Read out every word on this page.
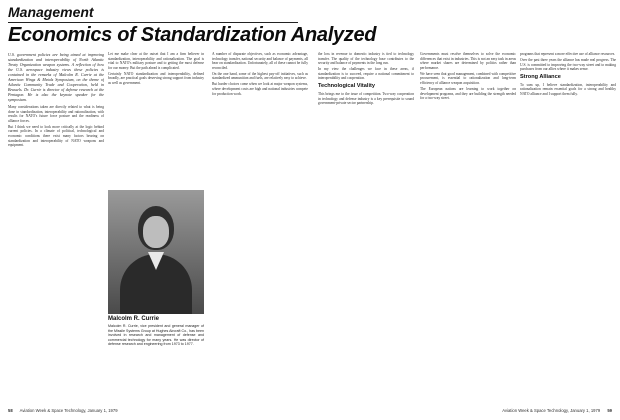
Management
Economics of Standardization Analyzed

U.S. government policies are being aimed at improving standardization and interoperability of North Atlantic Treaty Organization weapon systems. A reflection of how the U.S. aerospace industry views these policies is contained in the remarks of Malcolm R. Currie at the American Wings & Metals Symposium, on the theme of Atlantic Community Trade and Cooperation, held in Brussels. Dr. Currie is director of defense research at the Pentagon. He is also the keynote speaker for the symposium.

Many considerations taken are directly related to what is being done in standardization, interoperability and rationalization, with results for NATO's future force posture and the readiness of alliance forces.

But I think we need to look more critically at the logic behind current policies. In a climate of political, technological and economic conditions there exist many factors bearing on standardization and interoperability of NATO weapons and equipment.

Let me make clear at the outset that I am a firm believer in standardization, interoperability and rationalization. The goal is vital to NATO's military posture and to getting the most defense for our money. But the path ahead is complicated.

Certainly NATO standardization and interoperability, defined broadly, are practical goals deserving strong support from industry as well as government.

Malcolm R. Currie
Malcolm R. Currie, vice president and general manager of the Missile Systems Group at Hughes Aircraft Co., has been involved in research and management of defense and commercial technology for many years. He was director of defense research and engineering from 1973 to 1977.

A number of disparate objectives, such as economic advantage, technology transfer, national security and balance of payments, all bear on standardization. Unfortunately, all of these cannot be fully reconciled.

On the one hand, some of the highest pay-off initiatives, such as standardized ammunition and fuels, are relatively easy to achieve.

But harder choices come when we look at major weapon systems, where development costs are high and national industries compete for production work.

the loss in revenue to domestic industry is tied to technology transfer. The quality of the technology base contributes to the security and balance of payments in the long run.

In my view the challenges we face in these areas, if standardization is to succeed, require a national commitment to interoperability and cooperation.

Technological Vitality

This brings me to the issue of competition. Two-way cooperation in technology and defense industry is a key prerequisite to sound government-private sector partnership.

Governments must resolve themselves to solve the economic differences that exist in industries. This is not an easy task in areas where market shares are determined by politics rather than performance.

We have seen that good management, combined with competitive procurement, is essential to rationalization and long-term efficiency of alliance weapon acquisition.

The European nations are learning to work together on development programs, and they are building the strength needed for a two-way street.

programs that represent a more effective use of alliance resources.

Over the past three years the alliance has made real progress. The U.S. is committed to improving the two-way street and to making purchases from our allies where it makes sense.

Strong Alliance

To sum up, I believe standardization, interoperability and rationalization remain essential goals for a strong and healthy NATO alliance and I support them fully.

58 Aviation Week & Space Technology, January 1, 1979	Aviation Week & Space Technology, January 1, 1979 59
